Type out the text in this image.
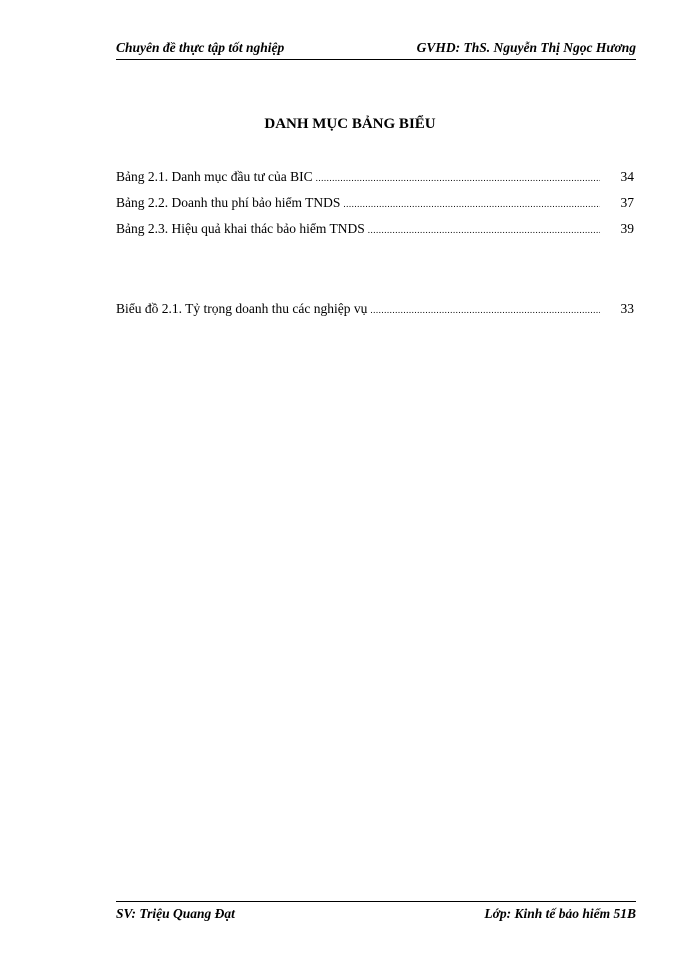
Chuyên đề thực tập tốt nghiệp	GVHD: ThS. Nguyễn Thị Ngọc Hương
DANH MỤC BẢNG BIỂU
Bảng 2.1. Danh mục đầu tư của BIC .....	34
Bảng 2.2. Doanh thu phí bảo hiểm TNDS .....	37
Bảng 2.3. Hiệu quả khai thác bảo hiểm TNDS .....	39
Biểu đồ 2.1. Tỷ trọng doanh thu các nghiệp vụ .....	33
SV: Triệu Quang Đạt	Lớp: Kinh tế bảo hiểm 51B
